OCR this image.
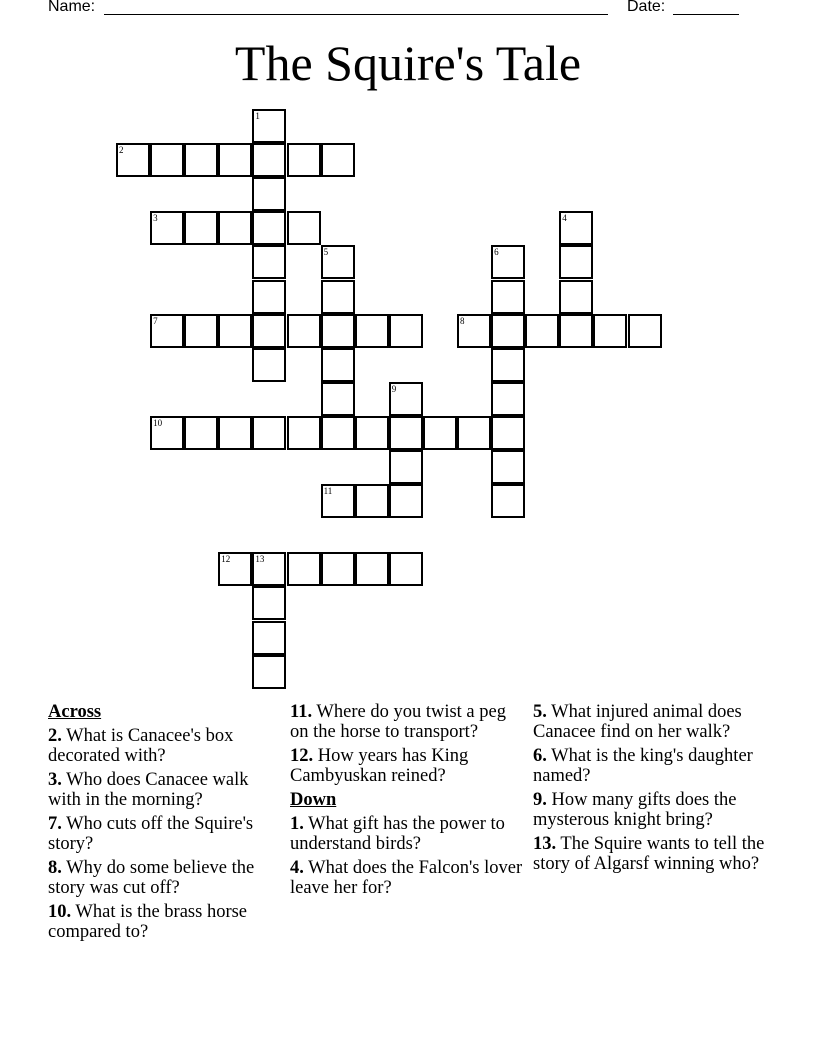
Name:

	Date:

The Squire's Tale
1
2
3	4
5	6
7	8
9
10
11
12	13
Across
2. What is Canacee's box decorated with?
3. Who does Canacee walk with in the morning?
7. Who cuts off the Squire's story?
8. Why do some believe the story was cut off?
10. What is the brass horse compared to?
11. Where do you twist a peg on the horse to transport?
12. How years has King Cambyuskan reined?
Down
1. What gift has the power to understand birds?
4. What does the Falcon's lover leave her for?
5. What injured animal does Canacee find on her walk?
6. What is the king's daughter named?
9. How many gifts does the mysterous knight bring?
13. The Squire wants to tell the story of Algarsf winning who?
